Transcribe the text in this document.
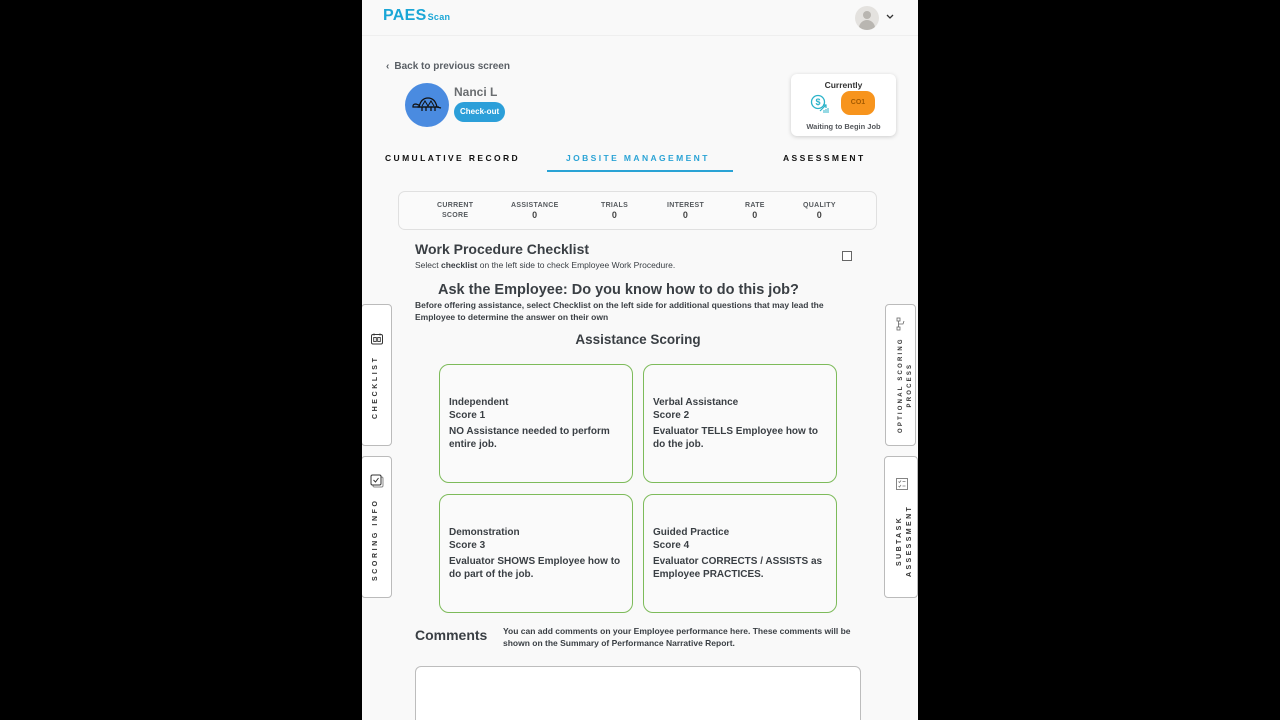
PAESScan
‹ Back to previous screen
Nanci L
Check-out
Currently
$	CO1
Waiting to Begin Job
CUMULATIVE RECORD	JOBSITE MANAGEMENT	ASSESSMENT
CURRENT
SCORE
ASSISTANCE
0
TRIALS
0
INTEREST
0
RATE
0
QUALITY
0
Work Procedure Checklist
Select checklist on the left side to check Employee Work Procedure.
Ask the Employee: Do you know how to do this job?
Before offering assistance, select Checklist on the left side for additional questions that may lead the Employee to determine the answer on their own
Assistance Scoring
Independent
Score 1
NO Assistance needed to perform entire job.
Verbal Assistance
Score 2
Evaluator TELLS Employee how to do the job.
Demonstration
Score 3
Evaluator SHOWS Employee how to do part of the job.
Guided Practice
Score 4
Evaluator CORRECTS / ASSISTS as Employee PRACTICES.
CHECKLIST
SCORING INFO
OPTIONAL SCORING PROCESS
SUBTASK ASSESSMENT
Comments You can add comments on your Employee performance here. These comments will be shown on the Summary of Performance Narrative Report.
